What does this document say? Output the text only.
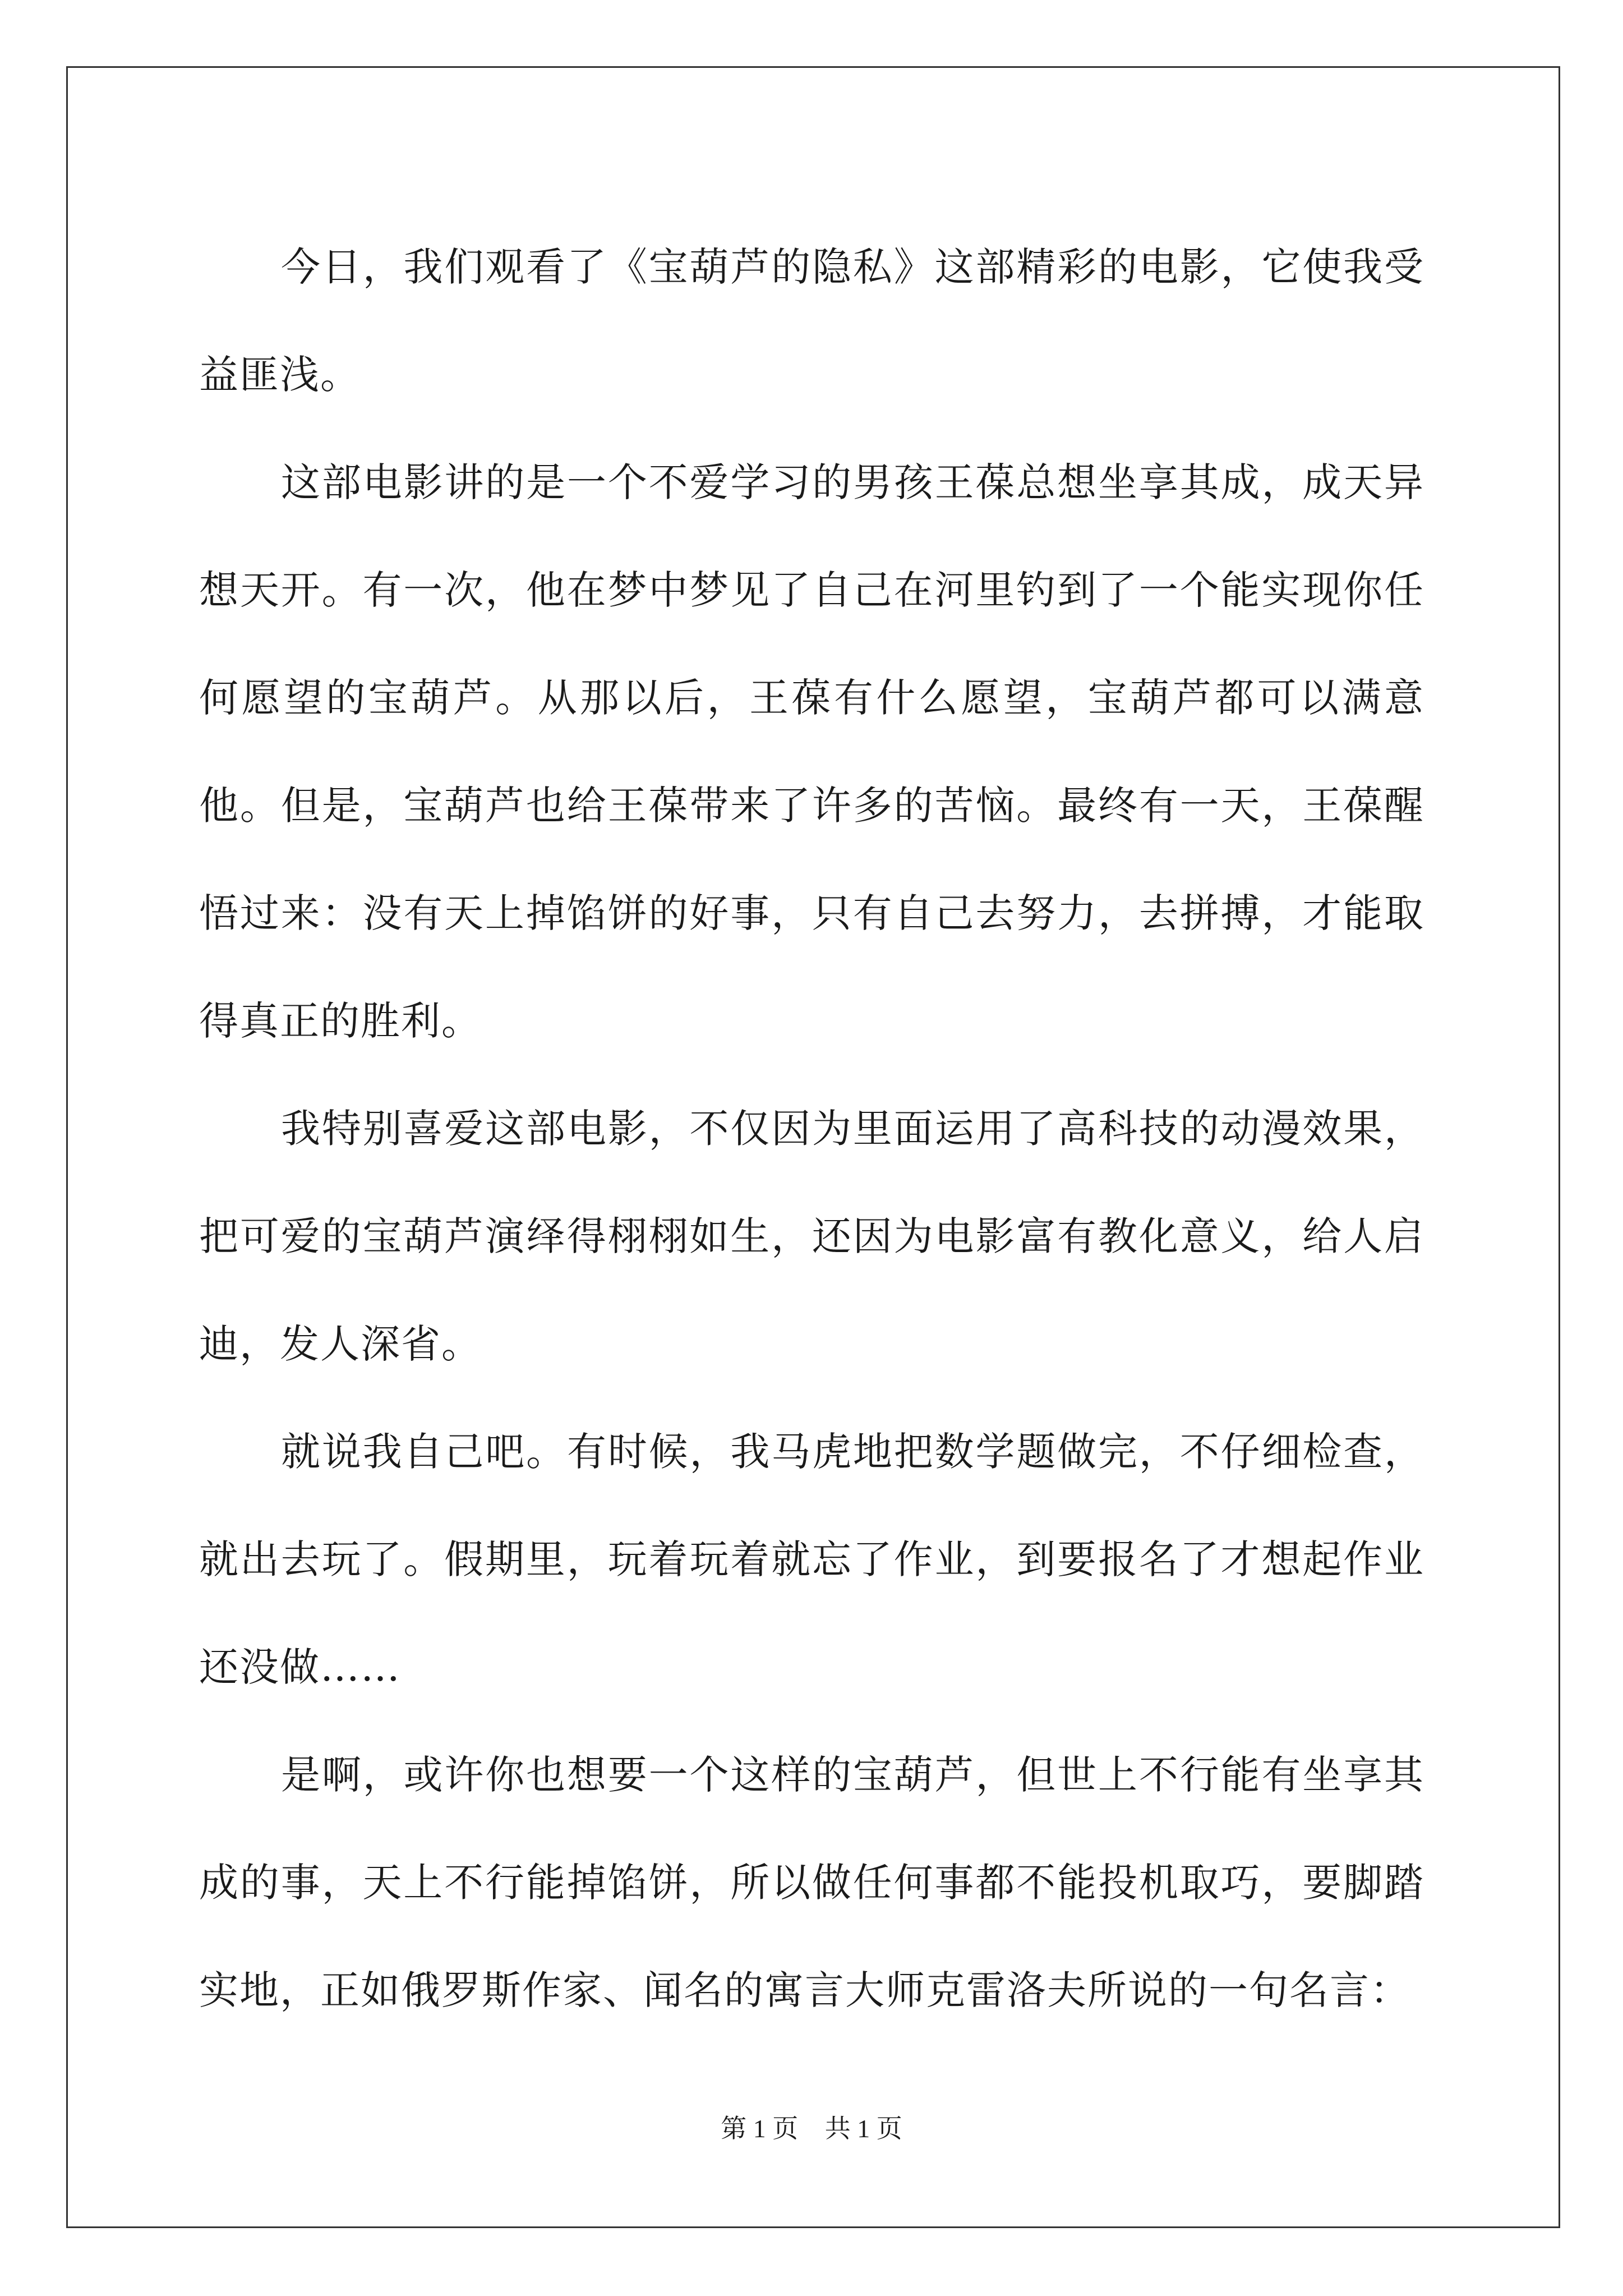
今日，我们观看了《宝葫芦的隐私》这部精彩的电影，它使我受益匪浅。

这部电影讲的是一个不爱学习的男孩王葆总想坐享其成，成天异想天开。有一次，他在梦中梦见了自己在河里钓到了一个能实现你任何愿望的宝葫芦。从那以后，王葆有什么愿望，宝葫芦都可以满意他。但是，宝葫芦也给王葆带来了许多的苦恼。最终有一天，王葆醒悟过来：没有天上掉馅饼的好事，只有自己去努力，去拼搏，才能取得真正的胜利。

我特别喜爱这部电影，不仅因为里面运用了高科技的动漫效果，把可爱的宝葫芦演绎得栩栩如生，还因为电影富有教化意义，给人启迪，发人深省。

就说我自己吧。有时候，我马虎地把数学题做完，不仔细检查，就出去玩了。假期里，玩着玩着就忘了作业，到要报名了才想起作业还没做……

是啊，或许你也想要一个这样的宝葫芦，但世上不行能有坐享其成的事，天上不行能掉馅饼，所以做任何事都不能投机取巧，要脚踏实地，正如俄罗斯作家、闻名的寓言大师克雷洛夫所说的一句名言：

第 1 页 共 1 页
